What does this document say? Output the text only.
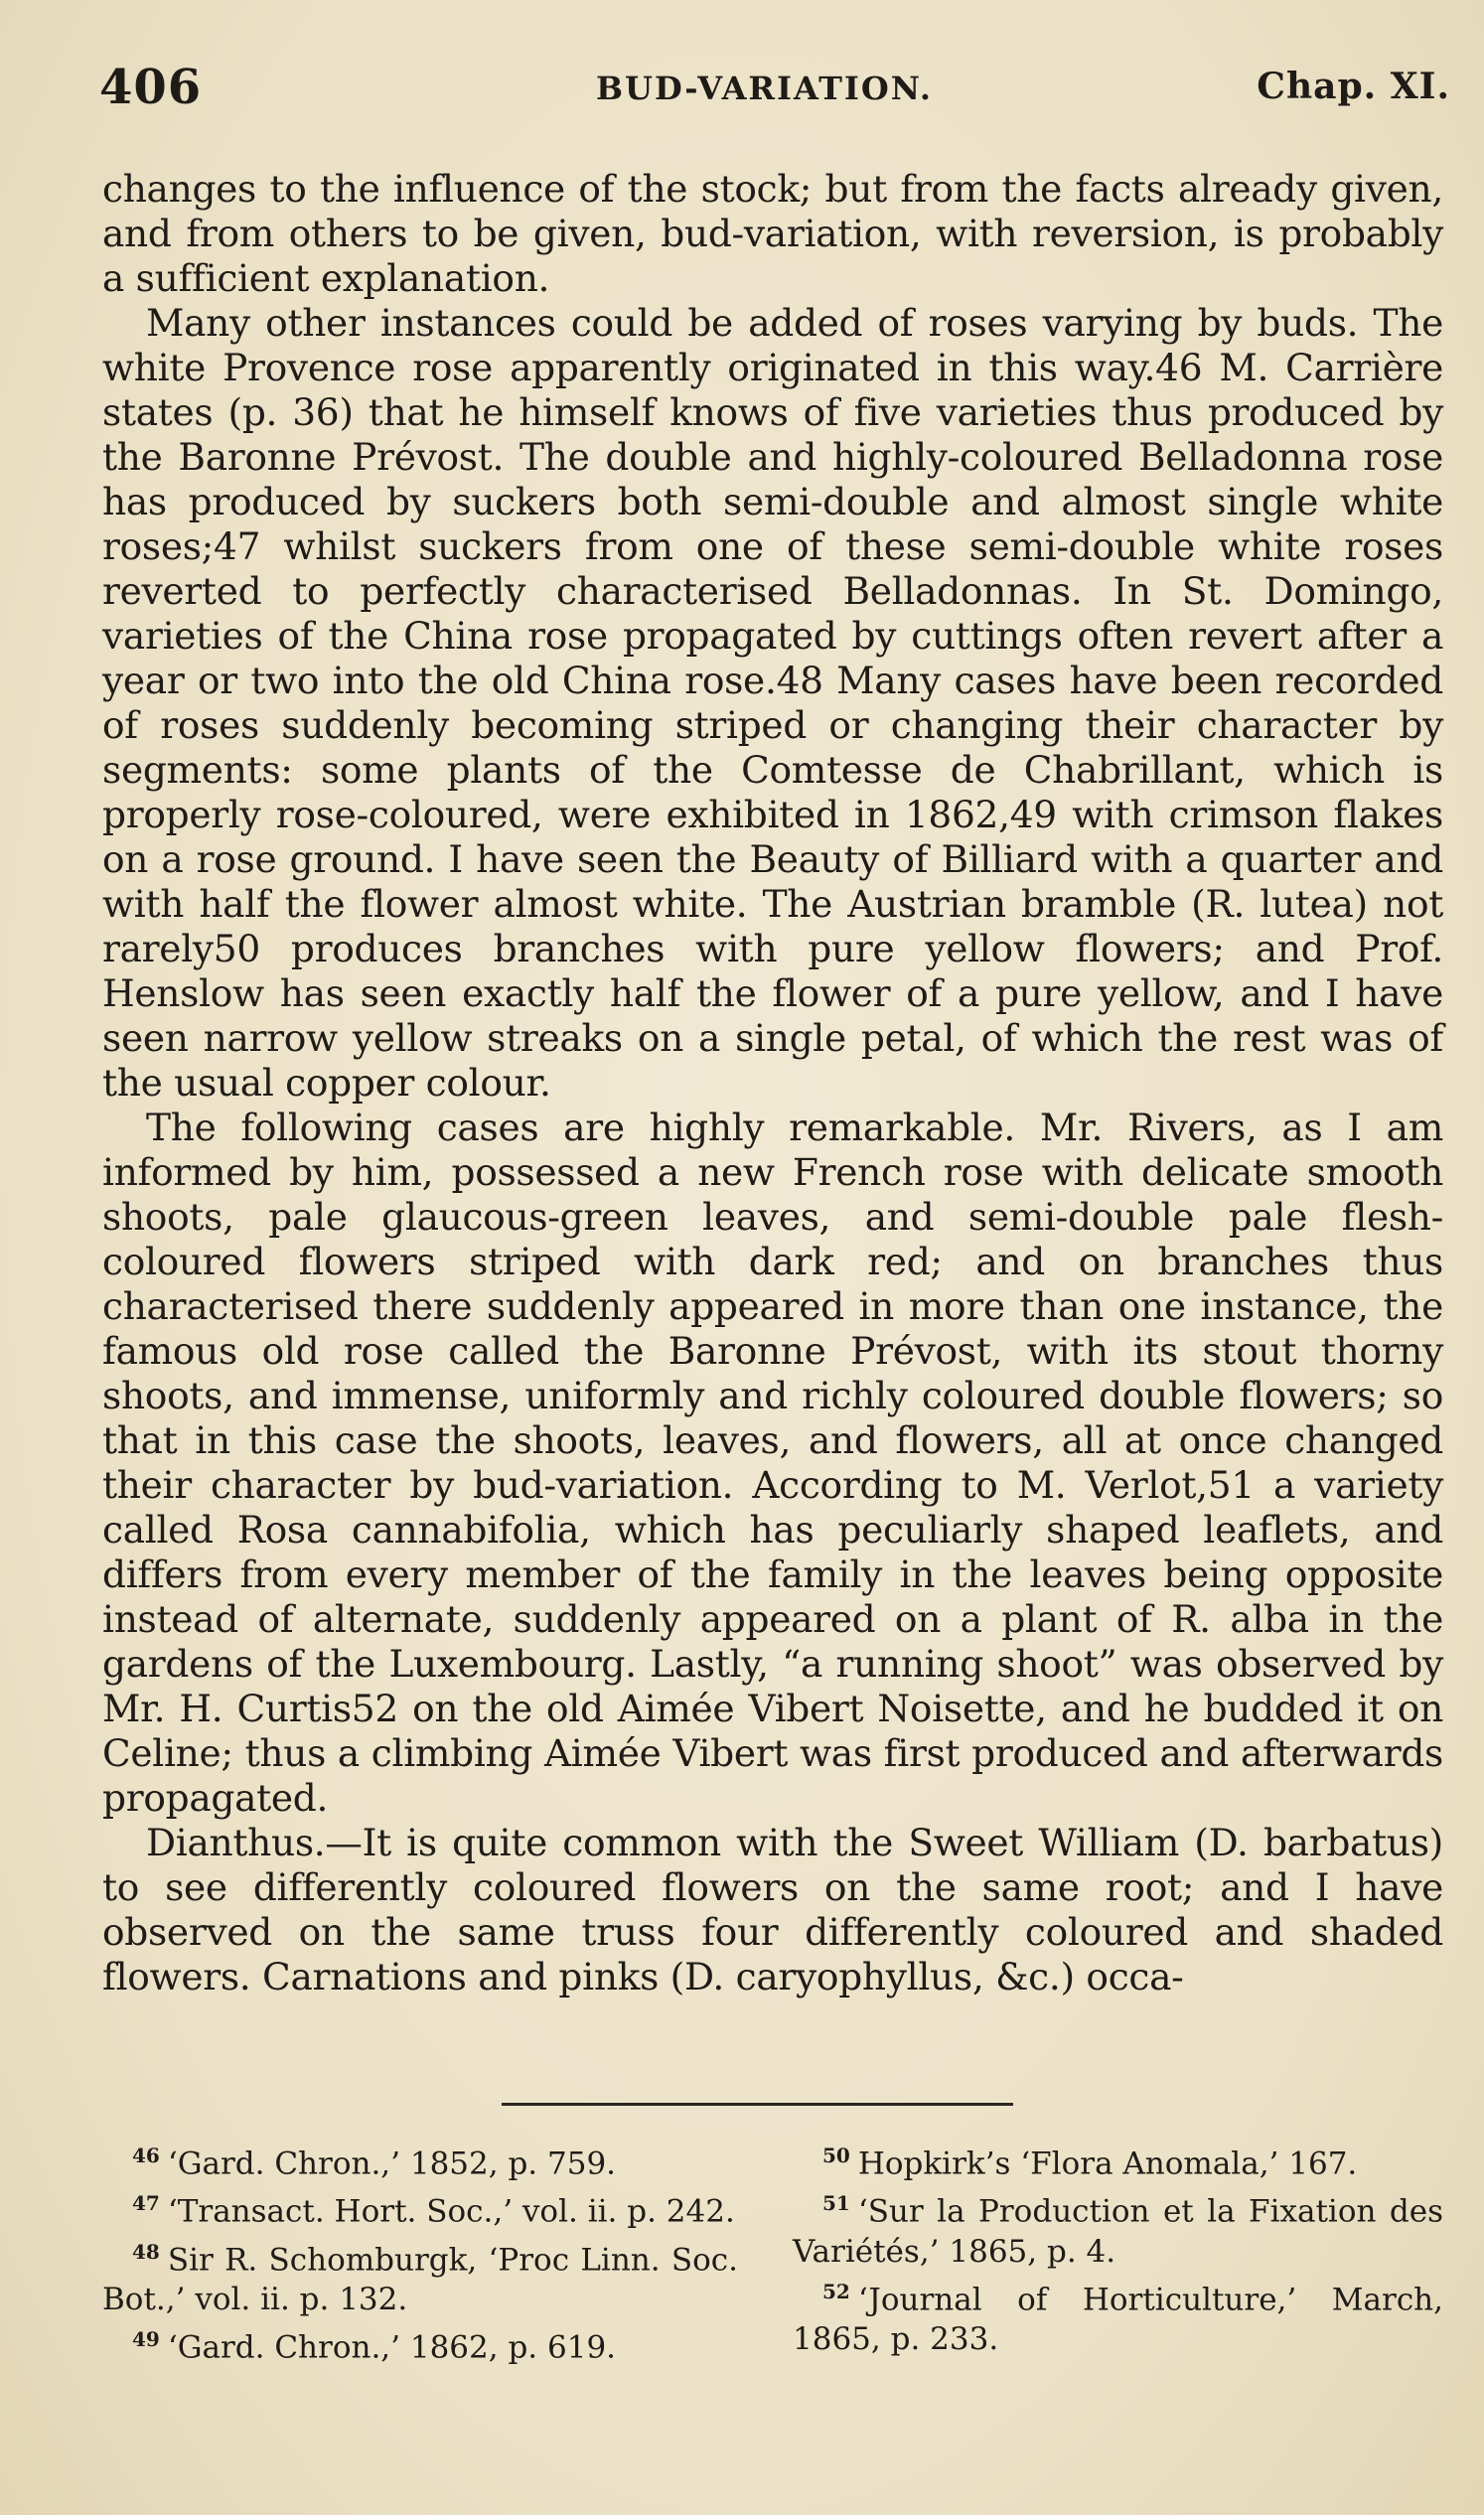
406	BUD-VARIATION.	Chap. XI.

changes to the influence of the stock; but from the facts already given, and from others to be given, bud-variation, with reversion, is probably a sufficient explanation.

Many other instances could be added of roses varying by buds. The white Provence rose apparently originated in this way.46 M. Carrière states (p. 36) that he himself knows of five varieties thus produced by the Baronne Prévost. The double and highly-coloured Belladonna rose has produced by suckers both semi-double and almost single white roses;47 whilst suckers from one of these semi-double white roses reverted to perfectly characterised Belladonnas. In St. Domingo, varieties of the China rose propagated by cuttings often revert after a year or two into the old China rose.48 Many cases have been recorded of roses suddenly becoming striped or changing their character by segments: some plants of the Comtesse de Chabrillant, which is properly rose-coloured, were exhibited in 1862,49 with crimson flakes on a rose ground. I have seen the Beauty of Billiard with a quarter and with half the flower almost white. The Austrian bramble (R. lutea) not rarely50 produces branches with pure yellow flowers; and Prof. Henslow has seen exactly half the flower of a pure yellow, and I have seen narrow yellow streaks on a single petal, of which the rest was of the usual copper colour.

The following cases are highly remarkable. Mr. Rivers, as I am informed by him, possessed a new French rose with delicate smooth shoots, pale glaucous-green leaves, and semi-double pale flesh-coloured flowers striped with dark red; and on branches thus characterised there suddenly appeared in more than one instance, the famous old rose called the Baronne Prévost, with its stout thorny shoots, and immense, uniformly and richly coloured double flowers; so that in this case the shoots, leaves, and flowers, all at once changed their character by bud-variation. According to M. Verlot,51 a variety called Rosa cannabifolia, which has peculiarly shaped leaflets, and differs from every member of the family in the leaves being opposite instead of alternate, suddenly appeared on a plant of R. alba in the gardens of the Luxembourg. Lastly, “a running shoot” was observed by Mr. H. Curtis52 on the old Aimée Vibert Noisette, and he budded it on Celine; thus a climbing Aimée Vibert was first produced and afterwards propagated.

Dianthus.—It is quite common with the Sweet William (D. barbatus) to see differently coloured flowers on the same root; and I have observed on the same truss four differently coloured and shaded flowers. Carnations and pinks (D. caryophyllus, &c.) occa-

$^{46}$ ‘Gard. Chron.,’ 1852, p. 759.
$^{47}$ ‘Transact. Hort. Soc.,’ vol. ii. p. 242.
$^{48}$ Sir R. Schomburgk, ‘Proc Linn. Soc. Bot.,’ vol. ii. p. 132.
$^{49}$ ‘Gard. Chron.,’ 1862, p. 619.
$^{50}$ Hopkirk’s ‘Flora Anomala,’ 167.
$^{51}$ ‘Sur la Production et la Fixation des Variétés,’ 1865, p. 4.
$^{52}$ ‘Journal of Horticulture,’ March, 1865, p. 233.
